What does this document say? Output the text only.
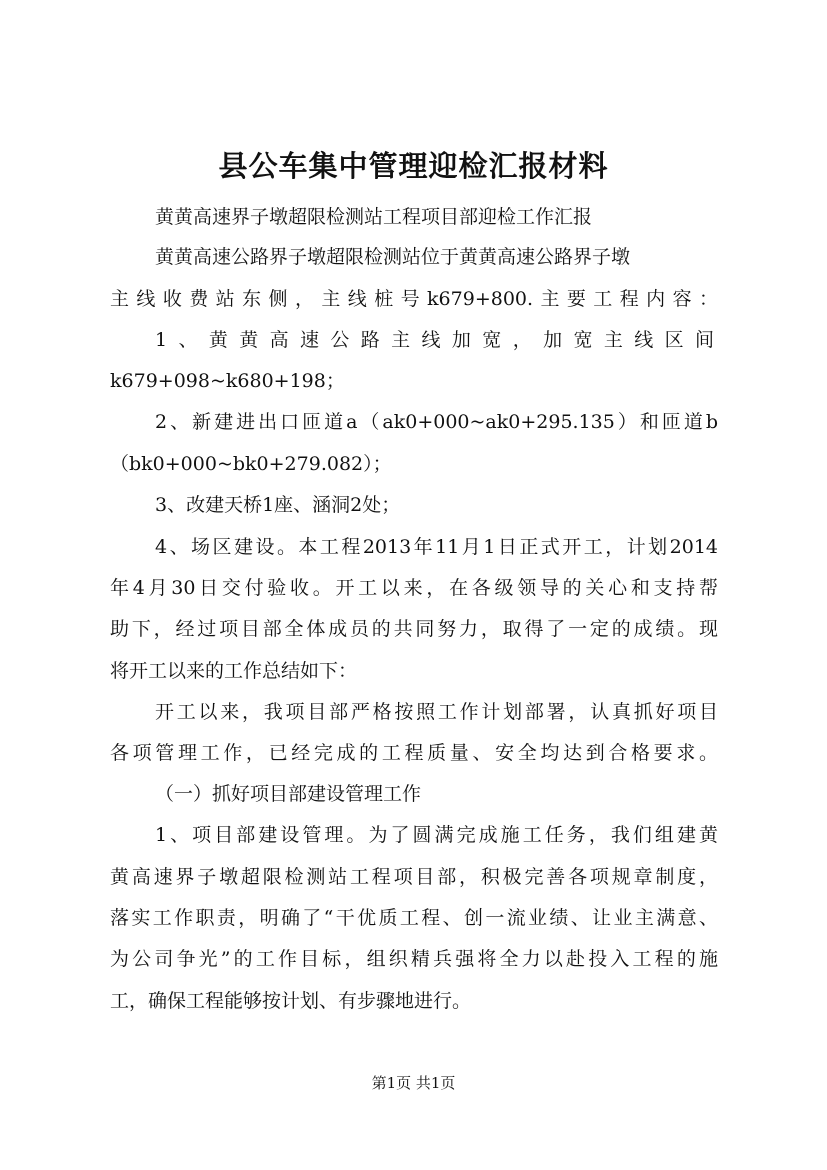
县公车集中管理迎检汇报材料
黄黄高速界子墩超限检测站工程项目部迎检工作汇报
黄黄高速公路界子墩超限检测站位于黄黄高速公路界子墩
主线收费站东侧，主线桩号k679+800.主要工程内容：
1、黄黄高速公路主线加宽，加宽主线区间
k679+098~k680+198；
2、新建进出口匝道a（ak0+000~ak0+295.135）和匝道b
（bk0+000~bk0+279.082）；
3、改建天桥1座、涵洞2处；
4、场区建设。本工程2013年11月1日正式开工，计划2014
年4月30日交付验收。开工以来，在各级领导的关心和支持帮
助下，经过项目部全体成员的共同努力，取得了一定的成绩。现
将开工以来的工作总结如下：
开工以来，我项目部严格按照工作计划部署，认真抓好项目
各项管理工作，已经完成的工程质量、安全均达到合格要求。
（一）抓好项目部建设管理工作
1、项目部建设管理。为了圆满完成施工任务，我们组建黄
黄高速界子墩超限检测站工程项目部，积极完善各项规章制度，
落实工作职责，明确了“干优质工程、创一流业绩、让业主满意、
为公司争光”的工作目标，组织精兵强将全力以赴投入工程的施
工，确保工程能够按计划、有步骤地进行。
第1页 共1页
